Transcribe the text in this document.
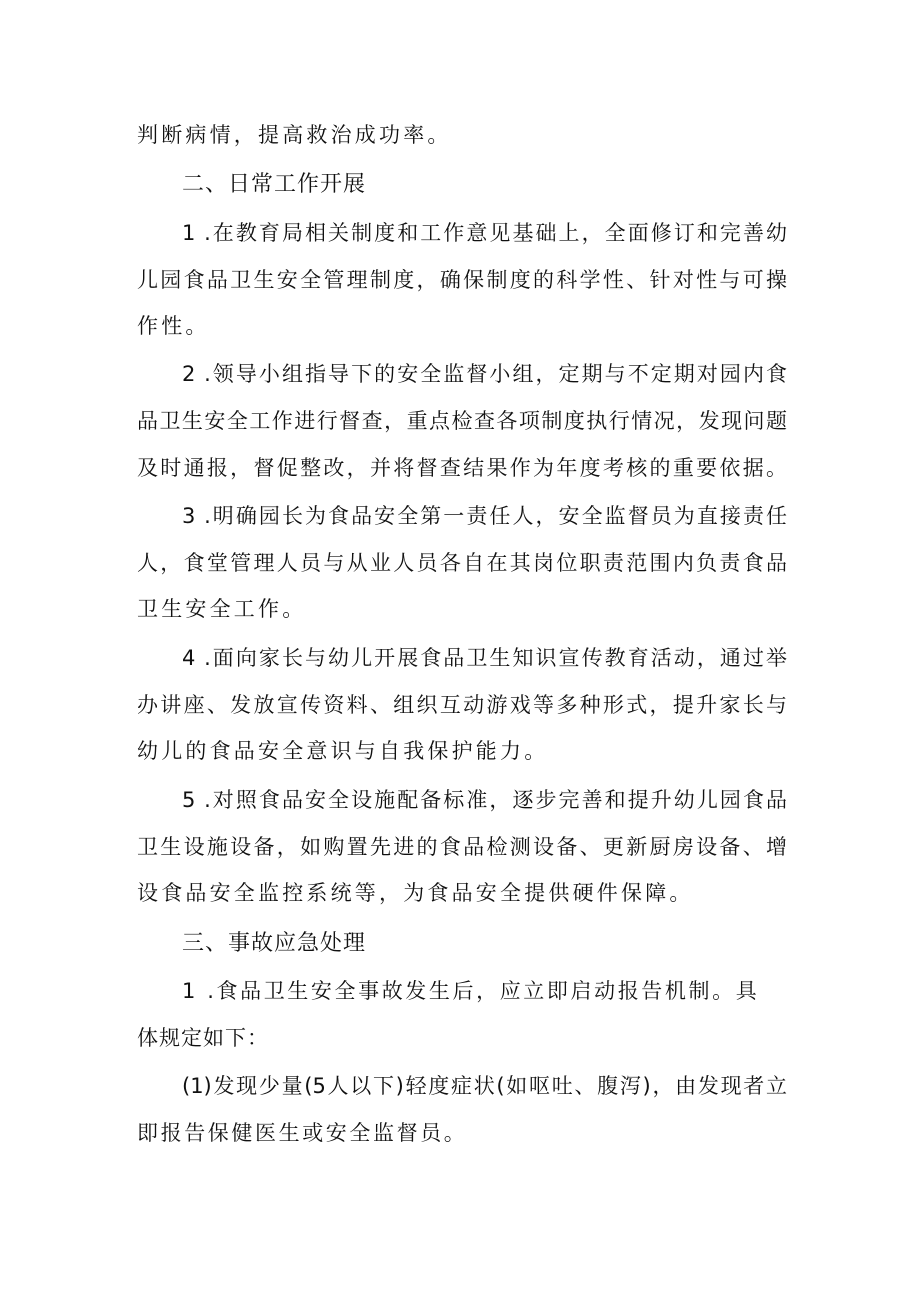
判断病情，提高救治成功率。
二、日常工作开展
1 .在教育局相关制度和工作意见基础上，全面修订和完善幼
儿园食品卫生安全管理制度，确保制度的科学性、针对性与可操
作性。
2 .领导小组指导下的安全监督小组，定期与不定期对园内食
品卫生安全工作进行督查，重点检查各项制度执行情况，发现问题
及时通报，督促整改，并将督查结果作为年度考核的重要依据。
3 .明确园长为食品安全第一责任人，安全监督员为直接责任
人，食堂管理人员与从业人员各自在其岗位职责范围内负责食品
卫生安全工作。
4 .面向家长与幼儿开展食品卫生知识宣传教育活动，通过举
办讲座、发放宣传资料、组织互动游戏等多种形式，提升家长与
幼儿的食品安全意识与自我保护能力。
5 .对照食品安全设施配备标准，逐步完善和提升幼儿园食品
卫生设施设备，如购置先进的食品检测设备、更新厨房设备、增
设食品安全监控系统等，为食品安全提供硬件保障。
三、事故应急处理
1 .食品卫生安全事故发生后，应立即启动报告机制。具
体规定如下：
(1)发现少量(5人以下)轻度症状(如呕吐、腹泻)，由发现者立
即报告保健医生或安全监督员。
